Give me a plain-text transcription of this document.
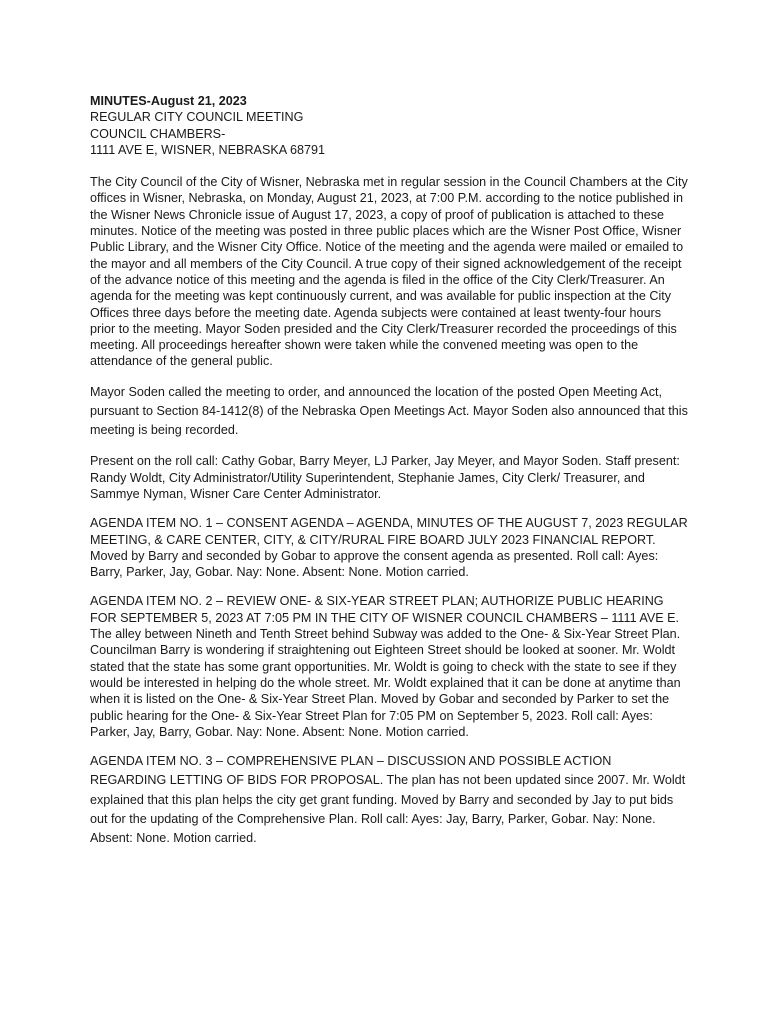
MINUTES-August 21, 2023
REGULAR CITY COUNCIL MEETING
COUNCIL CHAMBERS-
1111 AVE E, WISNER, NEBRASKA 68791

The City Council of the City of Wisner, Nebraska met in regular session in the Council Chambers at the City offices in Wisner, Nebraska, on Monday, August 21, 2023, at 7:00 P.M. according to the notice published in the Wisner News Chronicle issue of August 17, 2023, a copy of proof of publication is attached to these minutes. Notice of the meeting was posted in three public places which are the Wisner Post Office, Wisner Public Library, and the Wisner City Office. Notice of the meeting and the agenda were mailed or emailed to the mayor and all members of the City Council. A true copy of their signed acknowledgement of the receipt of the advance notice of this meeting and the agenda is filed in the office of the City Clerk/Treasurer. An agenda for the meeting was kept continuously current, and was available for public inspection at the City Offices three days before the meeting date. Agenda subjects were contained at least twenty-four hours prior to the meeting. Mayor Soden presided and the City Clerk/Treasurer recorded the proceedings of this meeting. All proceedings hereafter shown were taken while the convened meeting was open to the attendance of the general public.

Mayor Soden called the meeting to order, and announced the location of the posted Open Meeting Act, pursuant to Section 84-1412(8) of the Nebraska Open Meetings Act. Mayor Soden also announced that this meeting is being recorded.

Present on the roll call: Cathy Gobar, Barry Meyer, LJ Parker, Jay Meyer, and Mayor Soden. Staff present: Randy Woldt, City Administrator/Utility Superintendent, Stephanie James, City Clerk/ Treasurer, and Sammye Nyman, Wisner Care Center Administrator.

AGENDA ITEM NO. 1 – CONSENT AGENDA – AGENDA, MINUTES OF THE AUGUST 7, 2023 REGULAR MEETING, & CARE CENTER, CITY, & CITY/RURAL FIRE BOARD JULY 2023 FINANCIAL REPORT. Moved by Barry and seconded by Gobar to approve the consent agenda as presented. Roll call: Ayes: Barry, Parker, Jay, Gobar. Nay: None. Absent: None. Motion carried.

AGENDA ITEM NO. 2 – REVIEW ONE- & SIX-YEAR STREET PLAN; AUTHORIZE PUBLIC HEARING FOR SEPTEMBER 5, 2023 AT 7:05 PM IN THE CITY OF WISNER COUNCIL CHAMBERS – 1111 AVE E. The alley between Nineth and Tenth Street behind Subway was added to the One- & Six-Year Street Plan. Councilman Barry is wondering if straightening out Eighteen Street should be looked at sooner. Mr. Woldt stated that the state has some grant opportunities. Mr. Woldt is going to check with the state to see if they would be interested in helping do the whole street. Mr. Woldt explained that it can be done at anytime than when it is listed on the One- & Six-Year Street Plan. Moved by Gobar and seconded by Parker to set the public hearing for the One- & Six-Year Street Plan for 7:05 PM on September 5, 2023. Roll call: Ayes: Parker, Jay, Barry, Gobar. Nay: None. Absent: None. Motion carried.

AGENDA ITEM NO. 3 – COMPREHENSIVE PLAN – DISCUSSION AND POSSIBLE ACTION REGARDING LETTING OF BIDS FOR PROPOSAL. The plan has not been updated since 2007. Mr. Woldt explained that this plan helps the city get grant funding. Moved by Barry and seconded by Jay to put bids out for the updating of the Comprehensive Plan. Roll call: Ayes: Jay, Barry, Parker, Gobar. Nay: None. Absent: None. Motion carried.
